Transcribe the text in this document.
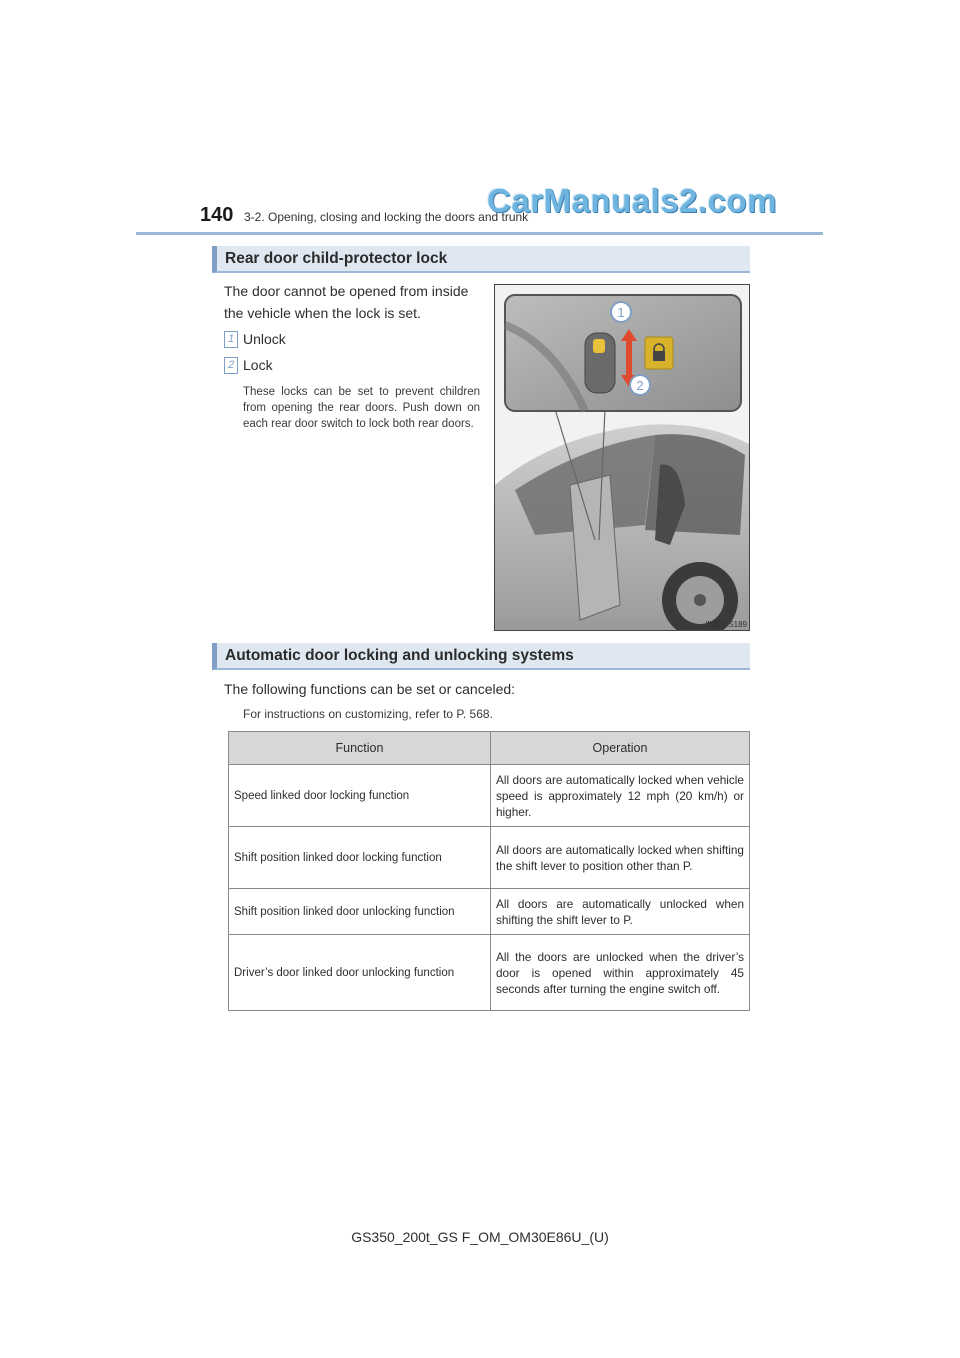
140 3-2. Opening, closing and locking the doors and trunk
CarManuals2.com
Rear door child-protector lock
The door cannot be opened from inside the vehicle when the lock is set.
1 Unlock
2 Lock
These locks can be set to prevent children from opening the rear doors. Push down on each rear door switch to lock both rear doors.
1
2
IN32GS189
Automatic door locking and unlocking systems
The following functions can be set or canceled:
For instructions on customizing, refer to P. 568.
Function	Operation
Speed linked door locking function	All doors are automatically locked when vehicle speed is approximately 12 mph (20 km/h) or higher.
Shift position linked door locking function	All doors are automatically locked when shifting the shift lever to position other than P.
Shift position linked door unlocking function	All doors are automatically unlocked when shifting the shift lever to P.
Driver’s door linked door unlocking function	All the doors are unlocked when the driver’s door is opened within approximately 45 seconds after turning the engine switch off.
GS350_200t_GS F_OM_OM30E86U_(U)
